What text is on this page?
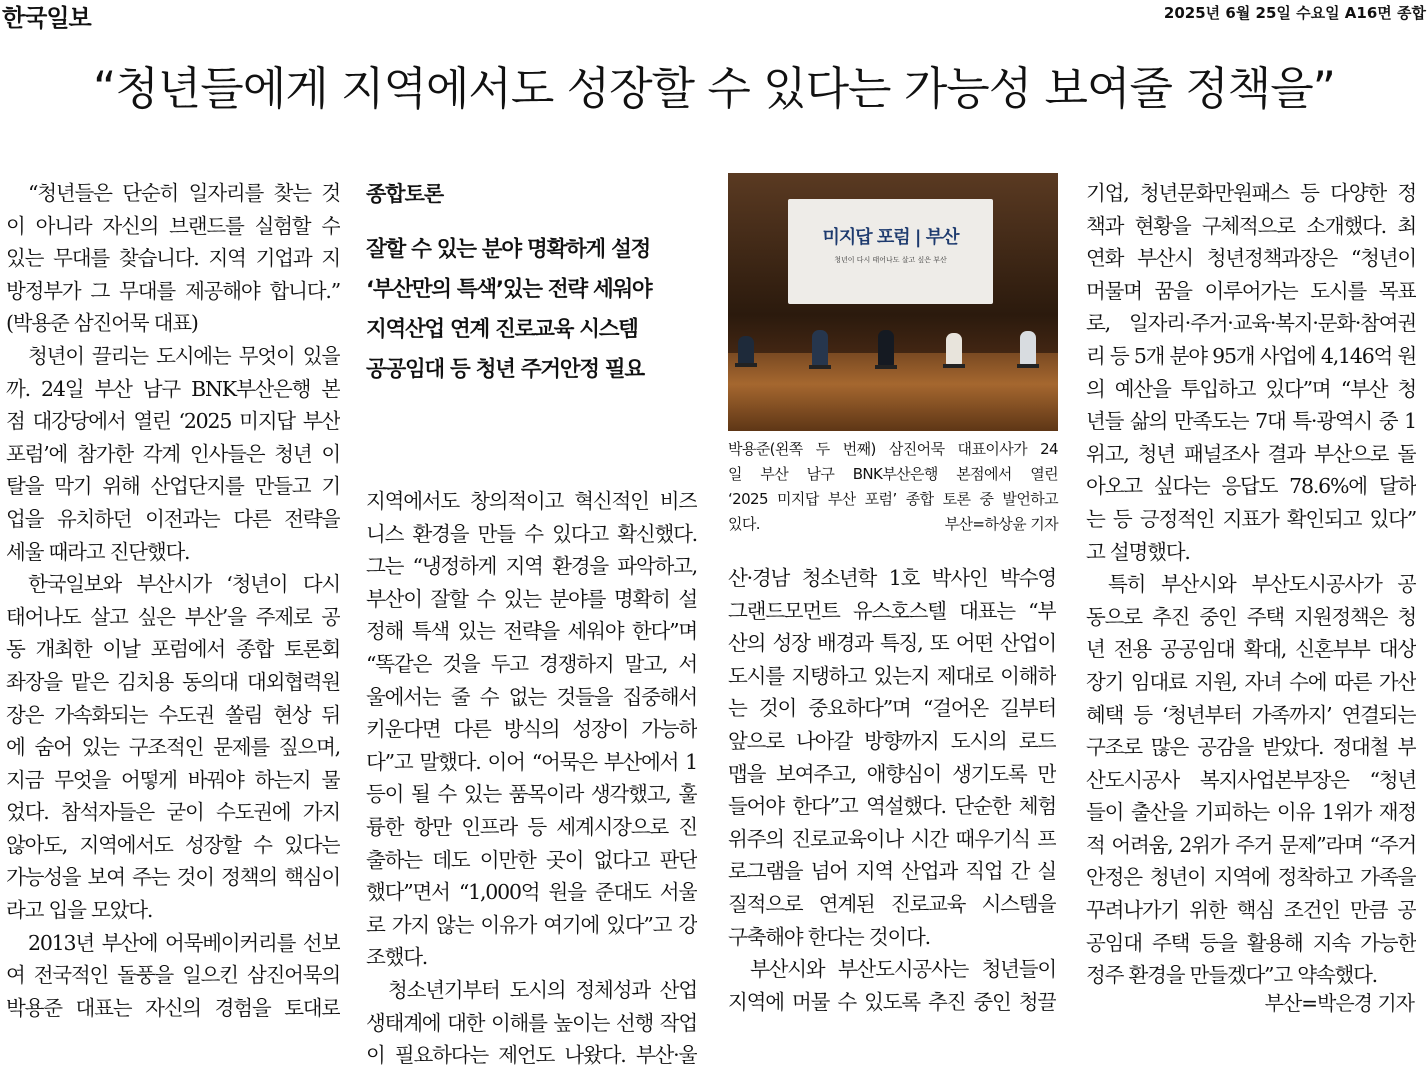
한국일보	2025년 6월 25일 수요일 A16면 종합
“청년들에게 지역에서도 성장할 수 있다는 가능성 보여줄 정책을”
“청년들은 단순히 일자리를 찾는 것
이 아니라 자신의 브랜드를 실험할 수
있는 무대를 찾습니다. 지역 기업과 지
방정부가 그 무대를 제공해야 합니다.”
(박용준 삼진어묵 대표)
청년이 끌리는 도시에는 무엇이 있을
까. 24일 부산 남구 BNK부산은행 본
점 대강당에서 열린 ‘2025 미지답 부산
포럼’에 참가한 각계 인사들은 청년 이
탈을 막기 위해 산업단지를 만들고 기
업을 유치하던 이전과는 다른 전략을
세울 때라고 진단했다.
한국일보와 부산시가 ‘청년이 다시
태어나도 살고 싶은 부산’을 주제로 공
동 개최한 이날 포럼에서 종합 토론회
좌장을 맡은 김치용 동의대 대외협력원
장은 가속화되는 수도권 쏠림 현상 뒤
에 숨어 있는 구조적인 문제를 짚으며,
지금 무엇을 어떻게 바꿔야 하는지 물
었다. 참석자들은 굳이 수도권에 가지
않아도, 지역에서도 성장할 수 있다는
가능성을 보여 주는 것이 정책의 핵심이
라고 입을 모았다.
2013년 부산에 어묵베이커리를 선보
여 전국적인 돌풍을 일으킨 삼진어묵의
박용준 대표는 자신의 경험을 토대로
종합토론
잘할 수 있는 분야 명확하게 설정
‘부산만의 특색’있는 전략 세워야
지역산업 연계 진로교육 시스템
공공임대 등 청년 주거안정 필요
지역에서도 창의적이고 혁신적인 비즈
니스 환경을 만들 수 있다고 확신했다.
그는 “냉정하게 지역 환경을 파악하고,
부산이 잘할 수 있는 분야를 명확히 설
정해 특색 있는 전략을 세워야 한다”며
“똑같은 것을 두고 경쟁하지 말고, 서
울에서는 줄 수 없는 것들을 집중해서
키운다면 다른 방식의 성장이 가능하
다”고 말했다. 이어 “어묵은 부산에서 1
등이 될 수 있는 품목이라 생각했고, 훌
륭한 항만 인프라 등 세계시장으로 진
출하는 데도 이만한 곳이 없다고 판단
했다”면서 “1,000억 원을 준대도 서울
로 가지 않는 이유가 여기에 있다”고 강
조했다.
청소년기부터 도시의 정체성과 산업
생태계에 대한 이해를 높이는 선행 작업
이 필요하다는 제언도 나왔다. 부산·울
미지답 포럼 | 부산
청년이 다시 태어나도 살고 싶은 부산
박용준(왼쪽 두 번째) 삼진어묵 대표이사가 24
일 부산 남구 BNK부산은행 본점에서 열린
‘2025 미지답 부산 포럼’ 종합 토론 중 발언하고
있다.	부산=하상윤 기자
산·경남 청소년학 1호 박사인 박수영
그랜드모먼트 유스호스텔 대표는 “부
산의 성장 배경과 특징, 또 어떤 산업이
도시를 지탱하고 있는지 제대로 이해하
는 것이 중요하다”며 “걸어온 길부터
앞으로 나아갈 방향까지 도시의 로드
맵을 보여주고, 애향심이 생기도록 만
들어야 한다”고 역설했다. 단순한 체험
위주의 진로교육이나 시간 때우기식 프
로그램을 넘어 지역 산업과 직업 간 실
질적으로 연계된 진로교육 시스템을
구축해야 한다는 것이다.
부산시와 부산도시공사는 청년들이
지역에 머물 수 있도록 추진 중인 청끌
기업, 청년문화만원패스 등 다양한 정
책과 현황을 구체적으로 소개했다. 최
연화 부산시 청년정책과장은 “청년이
머물며 꿈을 이루어가는 도시를 목표
로, 일자리·주거·교육·복지·문화·참여권
리 등 5개 분야 95개 사업에 4,146억 원
의 예산을 투입하고 있다”며 “부산 청
년들 삶의 만족도는 7대 특·광역시 중 1
위고, 청년 패널조사 결과 부산으로 돌
아오고 싶다는 응답도 78.6%에 달하
는 등 긍정적인 지표가 확인되고 있다”
고 설명했다.
특히 부산시와 부산도시공사가 공
동으로 추진 중인 주택 지원정책은 청
년 전용 공공임대 확대, 신혼부부 대상
장기 임대료 지원, 자녀 수에 따른 가산
혜택 등 ‘청년부터 가족까지’ 연결되는
구조로 많은 공감을 받았다. 정대철 부
산도시공사 복지사업본부장은 “청년
들이 출산을 기피하는 이유 1위가 재정
적 어려움, 2위가 주거 문제”라며 “주거
안정은 청년이 지역에 정착하고 가족을
꾸려나가기 위한 핵심 조건인 만큼 공
공임대 주택 등을 활용해 지속 가능한
정주 환경을 만들겠다”고 약속했다.
부산=박은경 기자
